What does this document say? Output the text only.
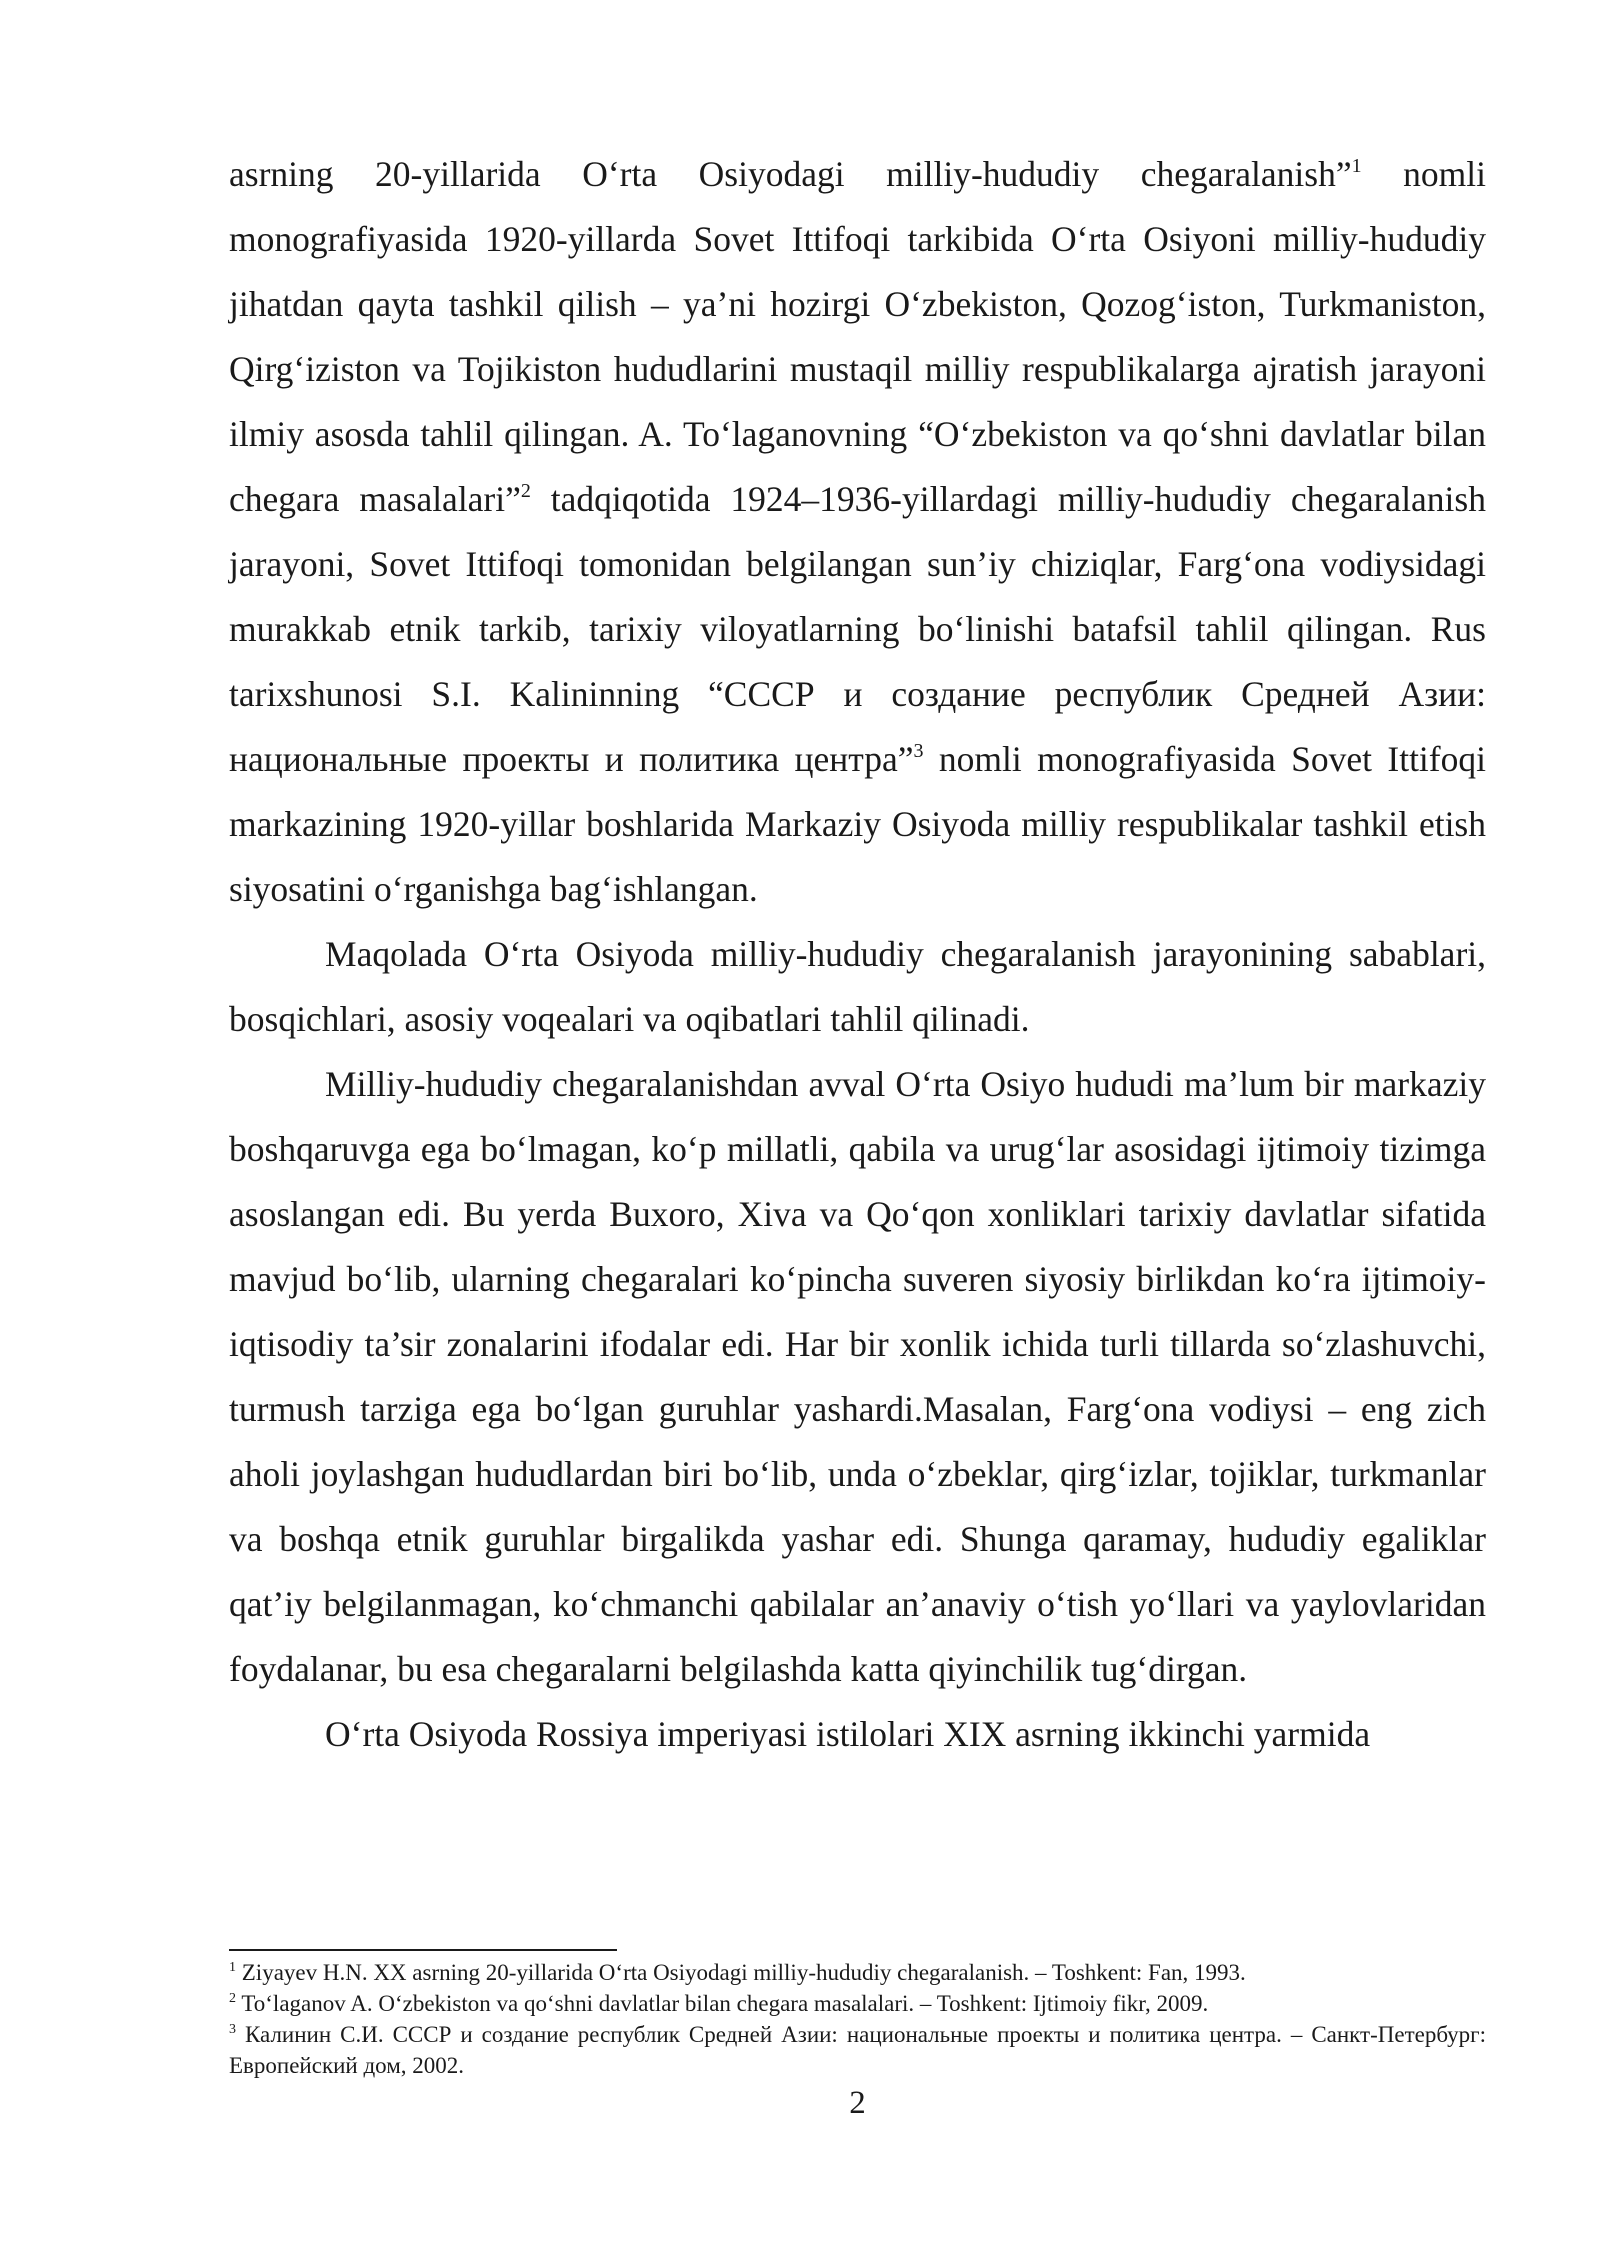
asrning 20-yillarida O‘rta Osiyodagi milliy-hududiy chegaralanish”$^1$ nomli monografiyasida 1920-yillarda Sovet Ittifoqi tarkibida O‘rta Osiyoni milliy-hududiy jihatdan qayta tashkil qilish – ya’ni hozirgi O‘zbekiston, Qozog‘iston, Turkmaniston, Qirg‘iziston va Tojikiston hududlarini mustaqil milliy respublikalarga ajratish jarayoni ilmiy asosda tahlil qilingan. A. To‘laganovning “O‘zbekiston va qo‘shni davlatlar bilan chegara masalalari”$^2$ tadqiqotida 1924–1936-yillardagi milliy-hududiy chegaralanish jarayoni, Sovet Ittifoqi tomonidan belgilangan sun’iy chiziqlar, Farg‘ona vodiysidagi murakkab etnik tarkib, tarixiy viloyatlarning bo‘linishi batafsil tahlil qilingan. Rus tarixshunosi S.I. Kalininning “СССР и создание республик Средней Азии: национальные проекты и политика центра”$^3$ nomli monografiyasida Sovet Ittifoqi markazining 1920-yillar boshlarida Markaziy Osiyoda milliy respublikalar tashkil etish siyosatini o‘rganishga bag‘ishlangan.

Maqolada O‘rta Osiyoda milliy-hududiy chegaralanish jarayonining sabablari, bosqichlari, asosiy voqealari va oqibatlari tahlil qilinadi.

Milliy-hududiy chegaralanishdan avval O‘rta Osiyo hududi ma’lum bir markaziy boshqaruvga ega bo‘lmagan, ko‘p millatli, qabila va urug‘lar asosidagi ijtimoiy tizimga asoslangan edi. Bu yerda Buxoro, Xiva va Qo‘qon xonliklari tarixiy davlatlar sifatida mavjud bo‘lib, ularning chegaralari ko‘pincha suveren siyosiy birlikdan ko‘ra ijtimoiy-iqtisodiy ta’sir zonalarini ifodalar edi. Har bir xonlik ichida turli tillarda so‘zlashuvchi, turmush tarziga ega bo‘lgan guruhlar yashardi.Masalan, Farg‘ona vodiysi – eng zich aholi joylashgan hududlardan biri bo‘lib, unda o‘zbeklar, qirg‘izlar, tojiklar, turkmanlar va boshqa etnik guruhlar birgalikda yashar edi. Shunga qaramay, hududiy egaliklar qat’iy belgilanmagan, ko‘chmanchi qabilalar an’anaviy o‘tish yo‘llari va yaylovlaridan foydalanar, bu esa chegaralarni belgilashda katta qiyinchilik tug‘dirgan.

O‘rta Osiyoda Rossiya imperiyasi istilolari XIX asrning ikkinchi yarmida

$^1$ Ziyayev H.N. XX asrning 20-yillarida O‘rta Osiyodagi milliy-hududiy chegaralanish. – Toshkent: Fan, 1993.

$^2$ To‘laganov A. O‘zbekiston va qo‘shni davlatlar bilan chegara masalalari. – Toshkent: Ijtimoiy fikr, 2009.

$^3$ Калинин С.И. СССР и создание республик Средней Азии: национальные проекты и политика центра. – Санкт-Петербург: Европейский дом, 2002.

2
